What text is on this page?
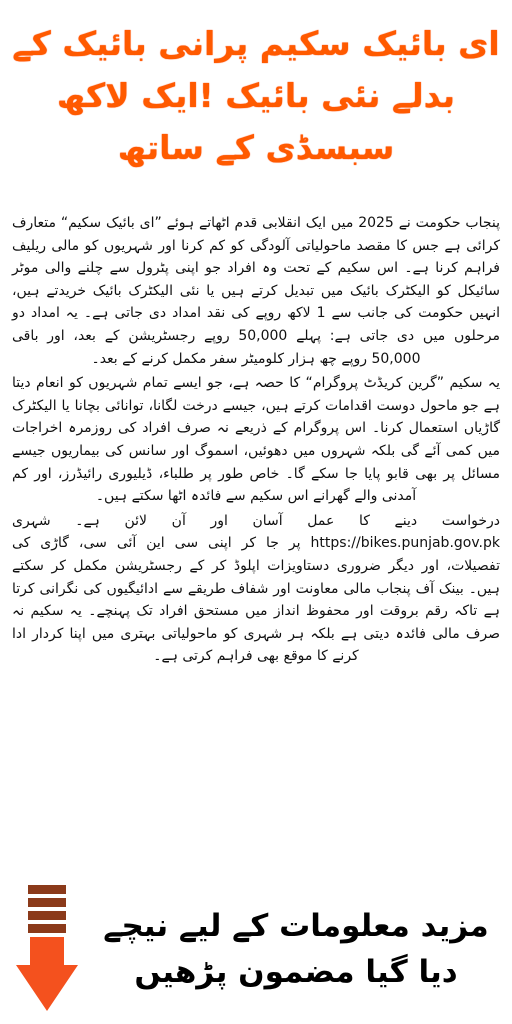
ای بائیک سکیم پرانی بائیک کے
بدلے نئی بائیک !ایک لاکھ
سبسڈی کے ساتھ

پنجاب حکومت نے 2025 میں ایک انقلابی قدم اٹھاتے ہوئے ”ای بائیک سکیم“ متعارف کرائی ہے جس کا مقصد ماحولیاتی آلودگی کو کم کرنا اور شہریوں کو مالی ریلیف فراہم کرنا ہے۔ اس سکیم کے تحت وہ افراد جو اپنی پٹرول سے چلنے والی موٹر سائیکل کو الیکٹرک بائیک میں تبدیل کرتے ہیں یا نئی الیکٹرک بائیک خریدتے ہیں، انہیں حکومت کی جانب سے 1 لاکھ روپے کی نقد امداد دی جاتی ہے۔ یہ امداد دو مرحلوں میں دی جاتی ہے: پہلے 50,000 روپے رجسٹریشن کے بعد، اور باقی 50,000 روپے چھ ہزار کلومیٹر سفر مکمل کرنے کے بعد۔

یہ سکیم ”گرین کریڈٹ پروگرام“ کا حصہ ہے، جو ایسے تمام شہریوں کو انعام دیتا ہے جو ماحول دوست اقدامات کرتے ہیں، جیسے درخت لگانا، توانائی بچانا یا الیکٹرک گاڑیاں استعمال کرنا۔ اس پروگرام کے ذریعے نہ صرف افراد کی روزمرہ اخراجات میں کمی آئے گی بلکہ شہروں میں دھوئیں، اسموگ اور سانس کی بیماریوں جیسے مسائل پر بھی قابو پایا جا سکے گا۔ خاص طور پر طلباء، ڈیلیوری رائیڈرز، اور کم آمدنی والے گھرانے اس سکیم سے فائدہ اٹھا سکتے ہیں۔

درخواست دینے کا عمل آسان اور آن لائن ہے۔ شہری https://bikes.punjab.gov.pk پر جا کر اپنی سی این آئی سی، گاڑی کی تفصیلات، اور دیگر ضروری دستاویزات اپلوڈ کر کے رجسٹریشن مکمل کر سکتے ہیں۔ بینک آف پنجاب مالی معاونت اور شفاف طریقے سے ادائیگیوں کی نگرانی کرتا ہے تاکہ رقم بروقت اور محفوظ انداز میں مستحق افراد تک پہنچے۔ یہ سکیم نہ صرف مالی فائدہ دیتی ہے بلکہ ہر شہری کو ماحولیاتی بہتری میں اپنا کردار ادا کرنے کا موقع بھی فراہم کرتی ہے۔

مزید معلومات کے لیے نیچے
دیا گیا مضمون پڑھیں
